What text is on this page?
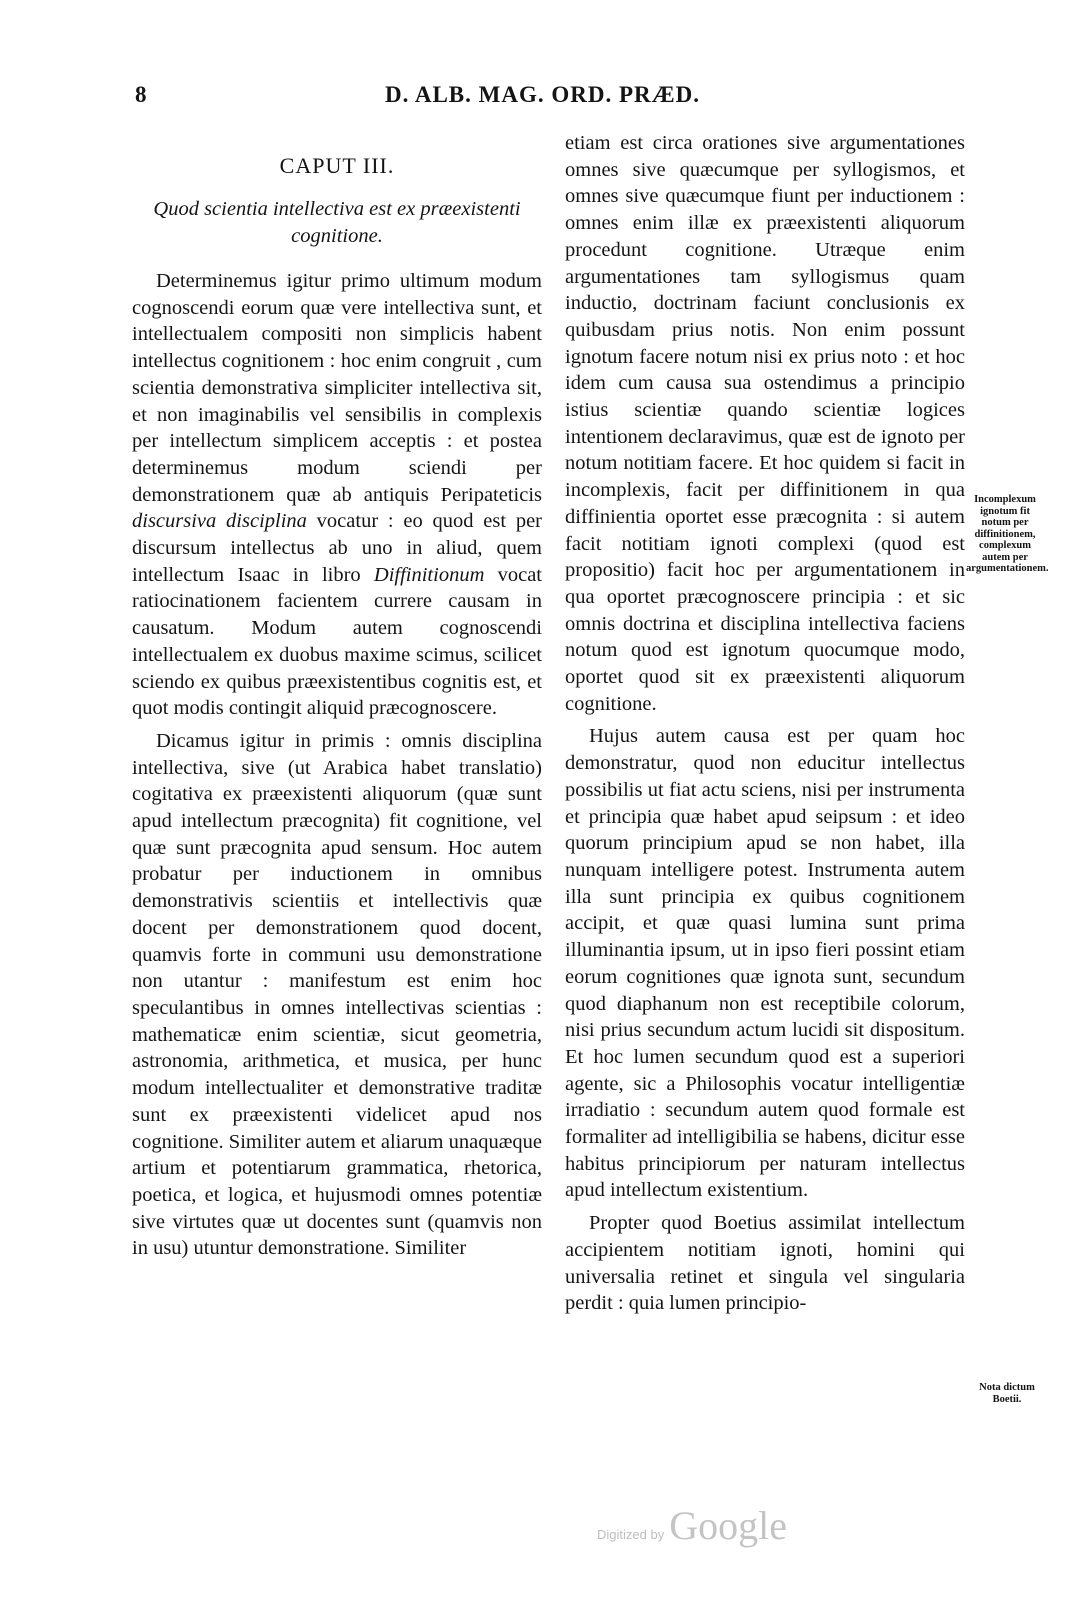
8	D. ALB. MAG. ORD. PRÆD.
CAPUT III.
Quod scientia intellectiva est ex præexistenti cognitione.

Determinemus igitur primo ultimum modum cognoscendi eorum quæ vere intellectiva sunt, et intellectualem compositi non simplicis habent intellectus cognitionem : hoc enim congruit , cum scientia demonstrativa simpliciter intellectiva sit, et non imaginabilis vel sensibilis in complexis per intellectum simplicem acceptis : et postea determinemus modum sciendi per demonstrationem quæ ab antiquis Peripateticis discursiva disciplina vocatur : eo quod est per discursum intellectus ab uno in aliud, quem intellectum Isaac in libro Diffinitionum vocat ratiocinationem facientem currere causam in causatum. Modum autem cognoscendi intellectualem ex duobus maxime scimus, scilicet sciendo ex quibus præexistentibus cognitis est, et quot modis contingit aliquid præcognoscere.

Dicamus igitur in primis : omnis disciplina intellectiva, sive (ut Arabica habet translatio) cogitativa ex præexistenti aliquorum (quæ sunt apud intellectum præcognita) fit cognitione, vel quæ sunt præcognita apud sensum. Hoc autem probatur per inductionem in omnibus demonstrativis scientiis et intellectivis quæ docent per demonstrationem quod docent, quamvis forte in communi usu demonstratione non utantur : manifestum est enim hoc speculantibus in omnes intellectivas scientias : mathematicæ enim scientiæ, sicut geometria, astronomia, arithmetica, et musica, per hunc modum intellectualiter et demonstrative traditæ sunt ex præexistenti videlicet apud nos cognitione. Similiter autem et aliarum unaquæque artium et potentiarum grammatica, rhetorica, poetica, et logica, et hujusmodi omnes potentiæ sive virtutes quæ ut docentes sunt (quamvis non in usu) utuntur demonstratione. Similiter

etiam est circa orationes sive argumentationes omnes sive quæcumque per syllogismos, et omnes sive quæcumque fiunt per inductionem : omnes enim illæ ex præexistenti aliquorum procedunt cognitione. Utræque enim argumentationes tam syllogismus quam inductio, doctrinam faciunt conclusionis ex quibusdam prius notis. Non enim possunt ignotum facere notum nisi ex prius noto : et hoc idem cum causa sua ostendimus a principio istius scientiæ quando scientiæ logices intentionem declaravimus, quæ est de ignoto per notum notitiam facere. Et hoc quidem si facit in incomplexis, facit per diffinitionem in qua diffinientia oportet esse præcognita : si autem facit notitiam ignoti complexi (quod est propositio) facit hoc per argumentationem in qua oportet præcognoscere principia : et sic omnis doctrina et disciplina intellectiva faciens notum quod est ignotum quocumque modo, oportet quod sit ex præexistenti aliquorum cognitione.

Hujus autem causa est per quam hoc demonstratur, quod non educitur intellectus possibilis ut fiat actu sciens, nisi per instrumenta et principia quæ habet apud seipsum : et ideo quorum principium apud se non habet, illa nunquam intelligere potest. Instrumenta autem illa sunt principia ex quibus cognitionem accipit, et quæ quasi lumina sunt prima illuminantia ipsum, ut in ipso fieri possint etiam eorum cognitiones quæ ignota sunt, secundum quod diaphanum non est receptibile colorum, nisi prius secundum actum lucidi sit dispositum. Et hoc lumen secundum quod est a superiori agente, sic a Philosophis vocatur intelligentiæ irradiatio : secundum autem quod formale est formaliter ad intelligibilia se habens, dicitur esse habitus principiorum per naturam intellectus apud intellectum existentium.

Propter quod Boetius assimilat intellectum accipientem notitiam ignoti, homini qui universalia retinet et singula vel singularia perdit : quia lumen principio-

Incomplexum ignotum fit notum per diffinitionem, complexum autem per argumentationem.
Nota dictum Boetii.
Digitized by Google
